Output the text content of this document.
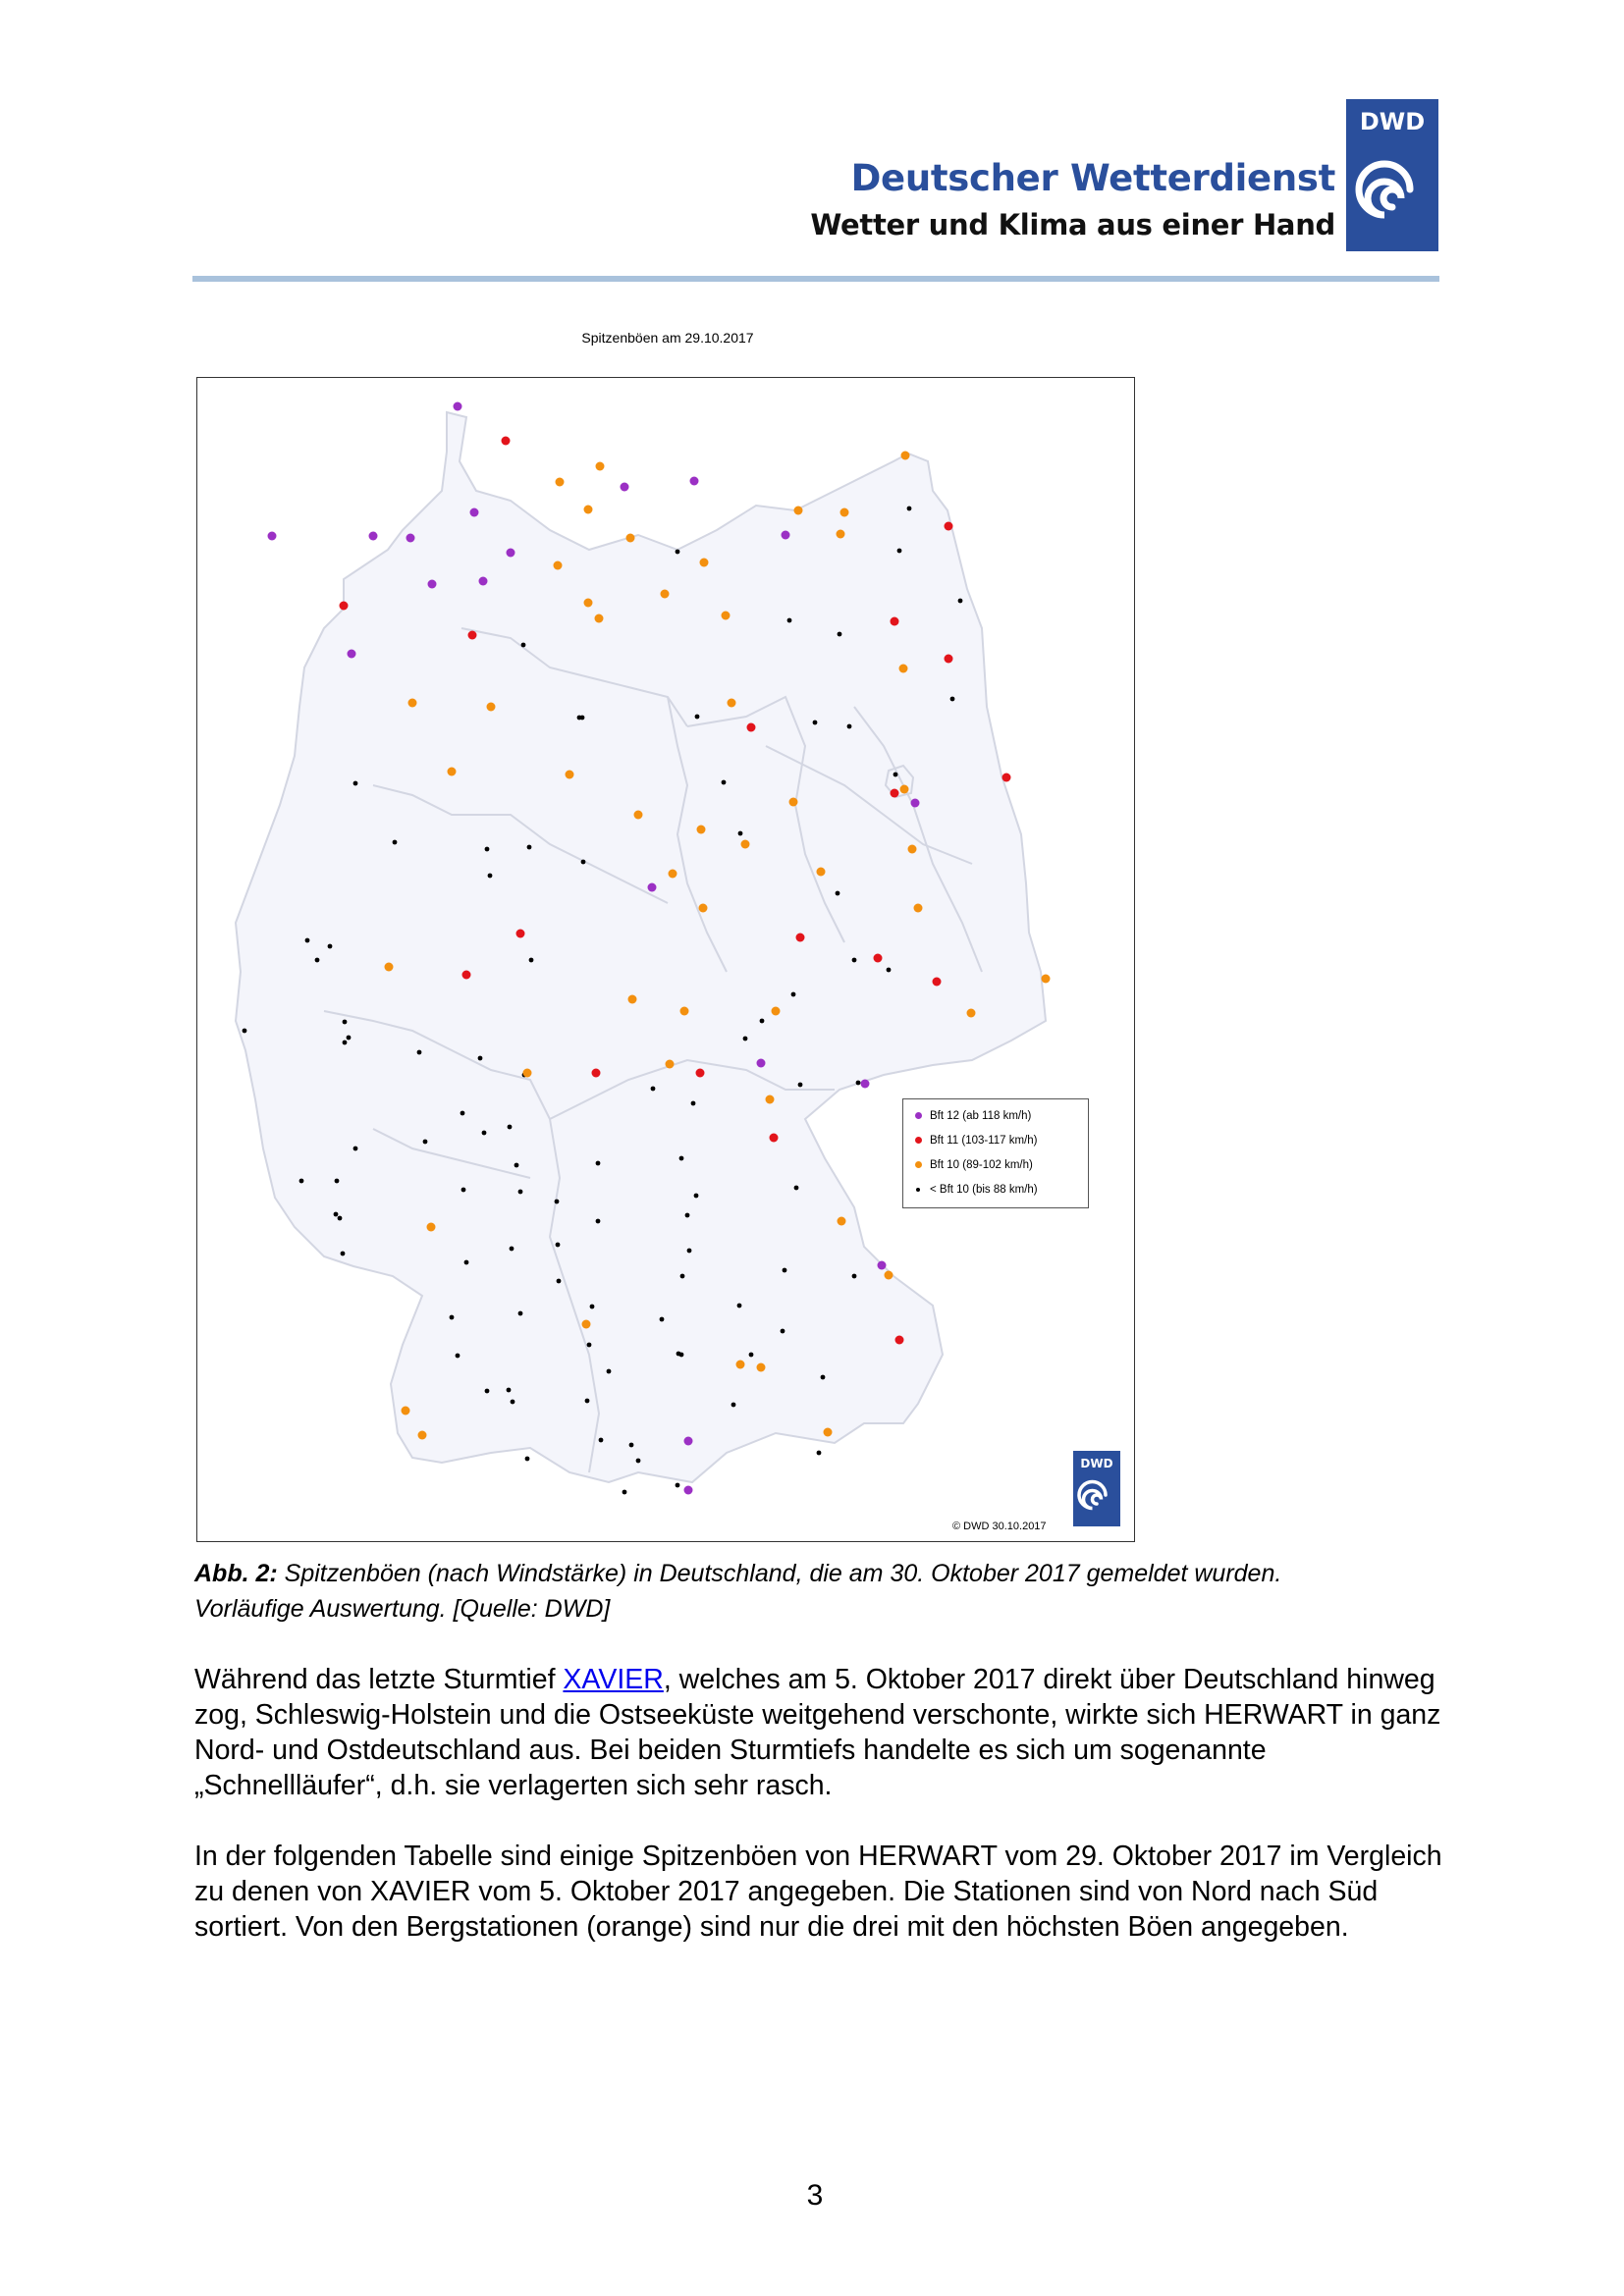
Deutscher Wetterdienst
Wetter und Klima aus einer Hand
DWD
Spitzenböen am 29.10.2017
Bft 12 (ab 118 km/h)
Bft 11 (103-117 km/h)
Bft 10 (89-102 km/h)
< Bft 10 (bis 88 km/h)
DWD
© DWD 30.10.2017
Abb. 2: Spitzenböen (nach Windstärke) in Deutschland, die am 30. Oktober 2017 gemeldet wurden. Vorläufige Auswertung. [Quelle: DWD]

Während das letzte Sturmtief XAVIER, welches am 5. Oktober 2017 direkt über Deutschland hinweg zog, Schleswig-Holstein und die Ostseeküste weitgehend verschonte, wirkte sich HERWART in ganz Nord- und Ostdeutschland aus. Bei beiden Sturmtiefs handelte es sich um sogenannte „Schnellläufer“, d.h. sie verlagerten sich sehr rasch.

In der folgenden Tabelle sind einige Spitzenböen von HERWART vom 29. Oktober 2017 im Vergleich zu denen von XAVIER vom 5. Oktober 2017 angegeben. Die Stationen sind von Nord nach Süd sortiert. Von den Bergstationen (orange) sind nur die drei mit den höchsten Böen angegeben.

3
